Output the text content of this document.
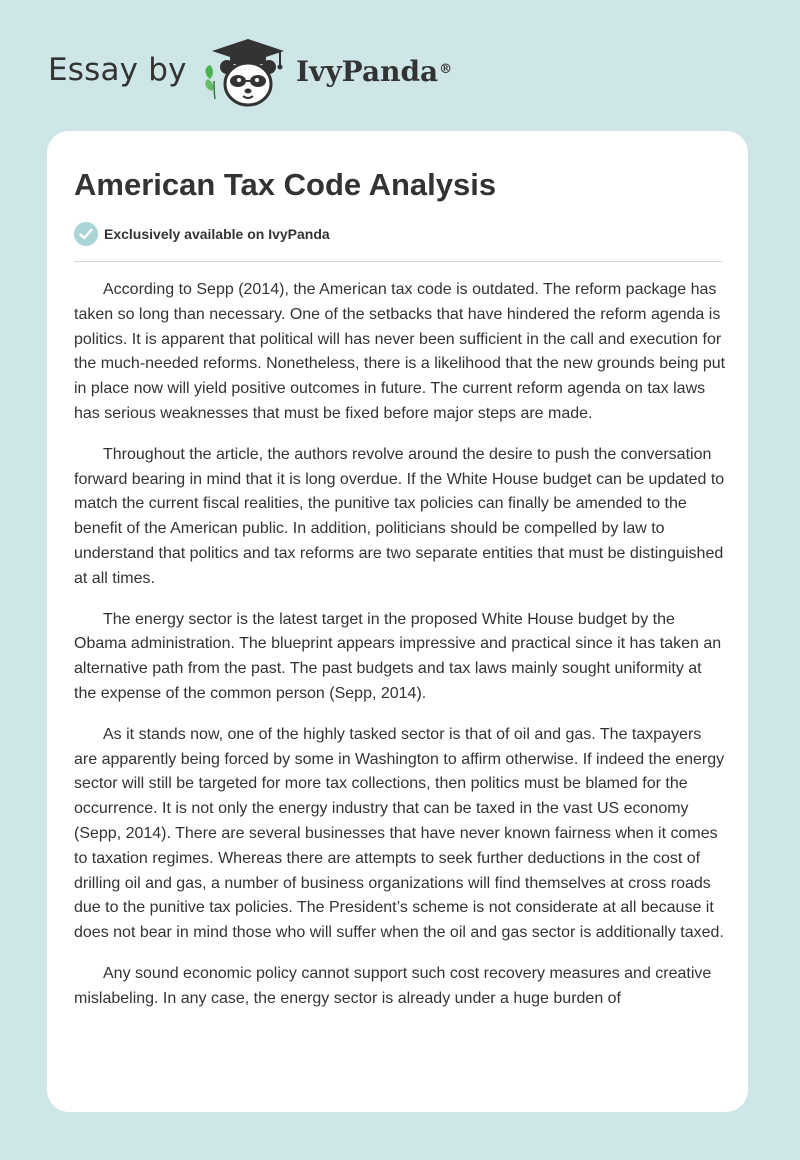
Essay by	IvyPanda®
American Tax Code Analysis
Exclusively available on IvyPanda

According to Sepp (2014), the American tax code is outdated. The reform package has taken so long than necessary. One of the setbacks that have hindered the reform agenda is politics. It is apparent that political will has never been sufficient in the call and execution for the much-needed reforms. Nonetheless, there is a likelihood that the new grounds being put in place now will yield positive outcomes in future. The current reform agenda on tax laws has serious weaknesses that must be fixed before major steps are made.

Throughout the article, the authors revolve around the desire to push the conversation forward bearing in mind that it is long overdue. If the White House budget can be updated to match the current fiscal realities, the punitive tax policies can finally be amended to the benefit of the American public. In addition, politicians should be compelled by law to understand that politics and tax reforms are two separate entities that must be distinguished at all times.

The energy sector is the latest target in the proposed White House budget by the Obama administration. The blueprint appears impressive and practical since it has taken an alternative path from the past. The past budgets and tax laws mainly sought uniformity at the expense of the common person (Sepp, 2014).

As it stands now, one of the highly tasked sector is that of oil and gas. The taxpayers are apparently being forced by some in Washington to affirm otherwise. If indeed the energy sector will still be targeted for more tax collections, then politics must be blamed for the occurrence. It is not only the energy industry that can be taxed in the vast US economy (Sepp, 2014). There are several businesses that have never known fairness when it comes to taxation regimes. Whereas there are attempts to seek further deductions in the cost of drilling oil and gas, a number of business organizations will find themselves at cross roads due to the punitive tax policies. The President’s scheme is not considerate at all because it does not bear in mind those who will suffer when the oil and gas sector is additionally taxed.

Any sound economic policy cannot support such cost recovery measures and creative mislabeling. In any case, the energy sector is already under a huge burden of
